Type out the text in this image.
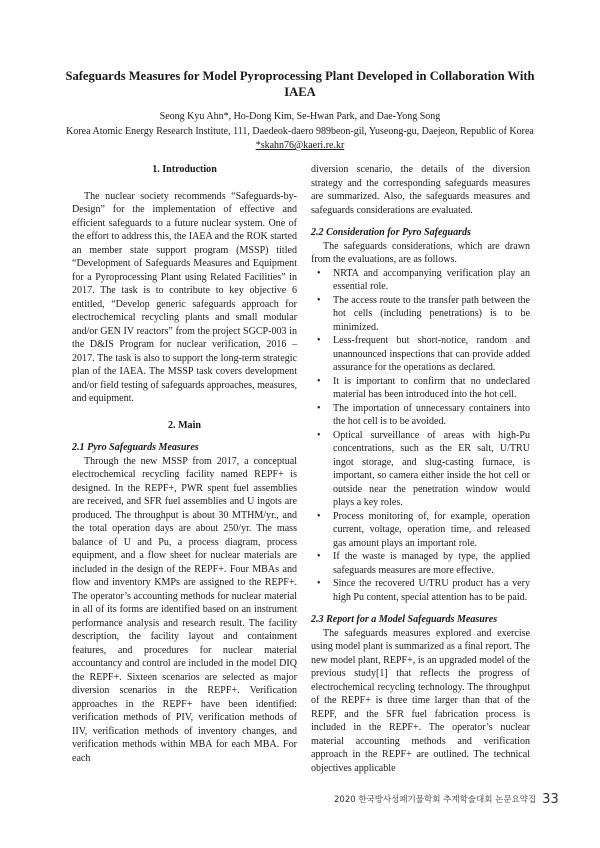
Safeguards Measures for Model Pyroprocessing Plant Developed in Collaboration With IAEA
Seong Kyu Ahn*, Ho-Dong Kim, Se-Hwan Park, and Dae-Yong Song
Korea Atomic Energy Research Institute, 111, Daedeok-daero 989beon-gil, Yuseong-gu, Daejeon, Republic of Korea
*skahn76@kaeri.re.kr
1. Introduction

The nuclear society recommends “Safeguards-by-Design” for the implementation of effective and efficient safeguards to a future nuclear system. One of the effort to address this, the IAEA and the ROK started an member state support program (MSSP) titled “Development of Safeguards Measures and Equipment for a Pyroprocessing Plant using Related Facilities” in 2017. The task is to contribute to key objective 6 entitled, “Develop generic safeguards approach for electrochemical recycling plants and small modular and/or GEN IV reactors” from the project SGCP-003 in the D&IS Program for nuclear verification, 2016 – 2017. The task is also to support the long-term strategic plan of the IAEA. The MSSP task covers development and/or field testing of safeguards approaches, measures, and equipment.

2. Main
2.1 Pyro Safeguards Measures

Through the new MSSP from 2017, a conceptual electrochemical recycling facility named REPF+ is designed. In the REPF+, PWR spent fuel assemblies are received, and SFR fuel assemblies and U ingots are produced. The throughput is about 30 MTHM/yr., and the total operation days are about 250/yr. The mass balance of U and Pu, a process diagram, process equipment, and a flow sheet for nuclear materials are included in the design of the REPF+. Four MBAs and flow and inventory KMPs are assigned to the REPF+. The operator’s accounting methods for nuclear material in all of its forms are identified based on an instrument performance analysis and research result. The facility description, the facility layout and containment features, and procedures for nuclear material accountancy and control are included in the model DIQ the REPF+. Sixteen scenarios are selected as major diversion scenarios in the REPF+. Verification approaches in the REPF+ have been identified: verification methods of PIV, verification methods of IIV, verification methods of inventory changes, and verification methods within MBA for each MBA. For each

diversion scenario, the details of the diversion strategy and the corresponding safeguards measures are summarized. Also, the safeguards measures and safeguards considerations are evaluated.

2.2 Consideration for Pyro Safeguards

The safeguards considerations, which are drawn from the evaluations, are as follows.

• NRTA and accompanying verification play an essential role.
• The access route to the transfer path between the hot cells (including penetrations) is to be minimized.
• Less-frequent but short-notice, random and unannounced inspections that can provide added assurance for the operations as declared.
• It is important to confirm that no undeclared material has been introduced into the hot cell.
• The importation of unnecessary containers into the hot cell is to be avoided.
• Optical surveillance of areas with high-Pu concentrations, such as the ER salt, U/TRU ingot storage, and slug-casting furnace, is important, so camera either inside the hot cell or outside near the penetration window would plays a key roles.
• Process monitoring of, for example, operation current, voltage, operation time, and released gas amount plays an important role.
• If the waste is managed by type, the applied safeguards measures are more effective.
• Since the recovered U/TRU product has a very high Pu content, special attention has to be paid.
2.3 Report for a Model Safeguards Measures

The safeguards measures explored and exercise using model plant is summarized as a final report. The new model plant, REPF+, is an upgraded model of the previous study[1] that reflects the progress of electrochemical recycling technology. The throughput of the REPF+ is three time larger than that of the REPF, and the SFR fuel fabrication process is included in the REPF+. The operator’s nuclear material accounting methods and verification approach in the REPF+ are outlined. The technical objectives applicable

2020 한국방사성폐기물학회 추계학술대회 논문요약집 33
